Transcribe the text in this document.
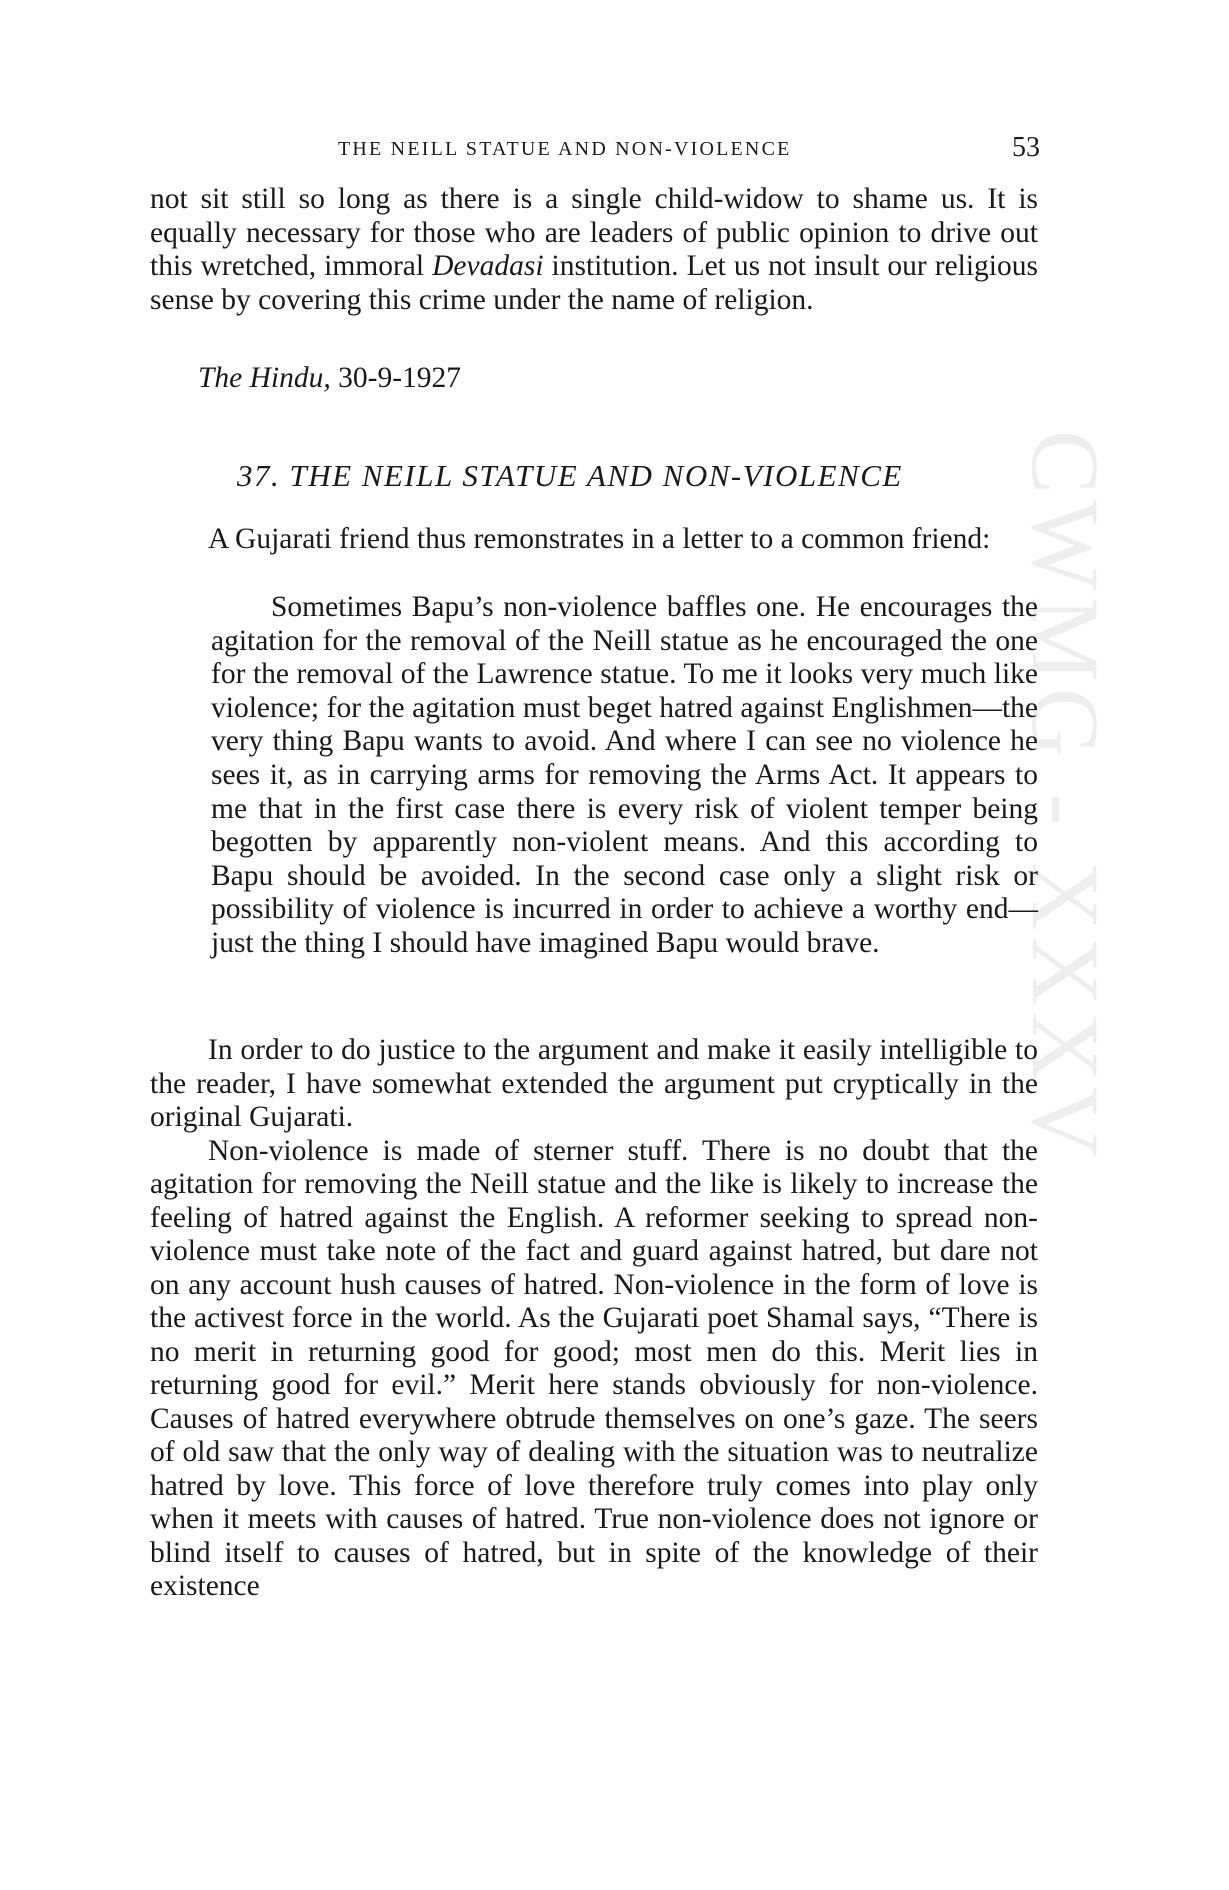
CWMG - XXXV
THE NEILL STATUE AND NON-VIOLENCE	53

not sit still so long as there is a single child-widow to shame us. It is equally necessary for those who are leaders of public opinion to drive out this wretched, immoral Devadasi institution. Let us not insult our religious sense by covering this crime under the name of religion.

The Hindu, 30-9-1927
37. THE NEILL STATUE AND NON-VIOLENCE

A Gujarati friend thus remonstrates in a letter to a common friend:

Sometimes Bapu’s non-violence baffles one. He encourages the agitation for the removal of the Neill statue as he encouraged the one for the removal of the Lawrence statue. To me it looks very much like violence; for the agitation must beget hatred against Englishmen—the very thing Bapu wants to avoid. And where I can see no violence he sees it, as in carrying arms for removing the Arms Act. It appears to me that in the first case there is every risk of violent temper being begotten by apparently non-violent means. And this according to Bapu should be avoided. In the second case only a slight risk or possibility of violence is incurred in order to achieve a worthy end—just the thing I should have imagined Bapu would brave.

In order to do justice to the argument and make it easily intelligible to the reader, I have somewhat extended the argument put cryptically in the original Gujarati.

Non-violence is made of sterner stuff. There is no doubt that the agitation for removing the Neill statue and the like is likely to increase the feeling of hatred against the English. A reformer seeking to spread non-violence must take note of the fact and guard against hatred, but dare not on any account hush causes of hatred. Non-violence in the form of love is the activest force in the world. As the Gujarati poet Shamal says, “There is no merit in returning good for good; most men do this. Merit lies in returning good for evil.” Merit here stands obviously for non-violence. Causes of hatred everywhere obtrude themselves on one’s gaze. The seers of old saw that the only way of dealing with the situation was to neutralize hatred by love. This force of love therefore truly comes into play only when it meets with causes of hatred. True non-violence does not ignore or blind itself to causes of hatred, but in spite of the knowledge of their existence
